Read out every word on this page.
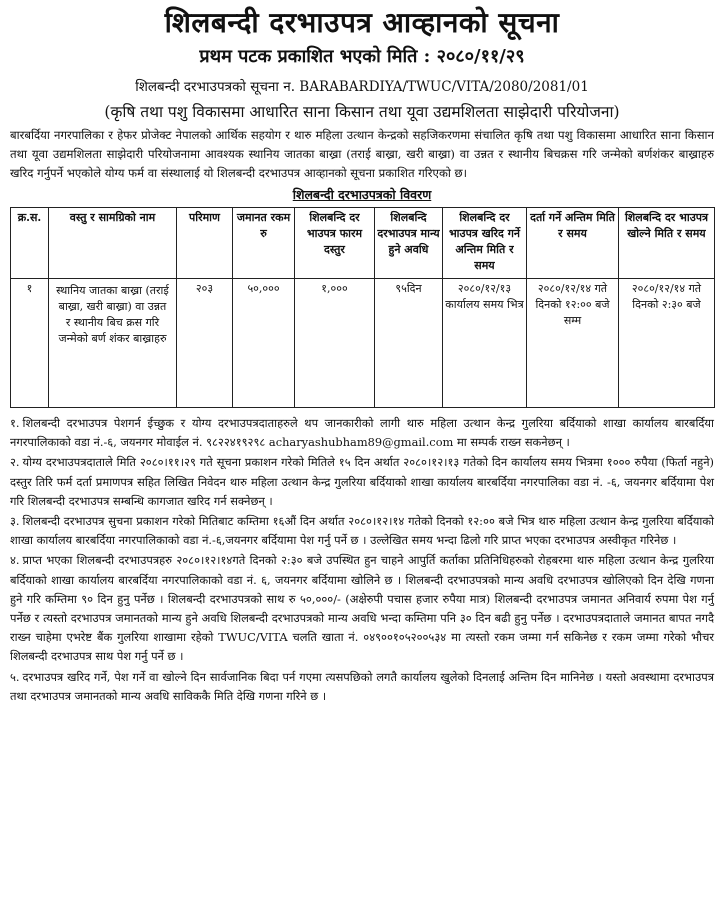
शिलबन्दी दरभाउपत्र आव्हानको सूचना

प्रथम पटक प्रकाशित भएको मिति : २०८०/११/२९

शिलबन्दी दरभाउपत्रको सूचना न. BARABARDIYA/TWUC/VITA/2080/2081/01

(कृषि तथा पशु विकासमा आधारित साना किसान तथा यूवा उद्यमशिलता साझेदारी परियोजना)

बारबर्दिया नगरपालिका र हेफर प्रोजेक्ट नेपालको आर्थिक सहयोग र थारु महिला उत्थान केन्द्रको सहजिकरणमा संचालित कृषि तथा पशु विकासमा आधारित साना किसान तथा यूवा उद्यमशिलता साझेदारी परियोजनामा आवश्यक स्थानिय जातका बाख्रा (तराई बाख्रा, खरी बाख्रा) वा उन्नत र स्थानीय बिचक्रस गरि जन्मेको बर्णशंकर बाख्राहरु खरिद गर्नुपर्ने भएकोले योग्य फर्म वा संस्थालाई यो शिलबन्दी दरभाउपत्र आव्हानको सूचना प्रकाशित गरिएको छ।

शिलबन्दी दरभाउपत्रको विवरण
क्र.स.	वस्तु र सामग्रिको नाम	परिमाण	जमानत रकम रु	शिलबन्दि दर भाउपत्र फारम दस्तुर	शिलबन्दि दरभाउपत्र मान्य हुने अवधि	शिलबन्दि दर भाउपत्र खरिद गर्ने अन्तिम मिति र समय	दर्ता गर्ने अन्तिम मिति र समय	शिलबन्दि दर भाउपत्र खोल्ने मिति र समय
१	स्थानिय जातका बाख्रा (तराई बाख्रा, खरी बाख्रा) वा उन्नत र स्थानीय बिच क्रस गरि जन्मेको बर्ण शंकर बाख्राहरु	२०३	५०,०००	१,०००	९५दिन	२०८०/१२/१३ कार्यालय समय भित्र	२०८०/१२/१४ गते दिनको १२:०० बजे सम्म	२०८०/१२/१४ गते दिनको २:३० बजे
१. शिलबन्दी दरभाउपत्र पेशगर्न ईच्छुक र योग्य दरभाउपत्रदाताहरुले थप जानकारीको लागी थारु महिला उत्थान केन्द्र गुलरिया बर्दियाको शाखा कार्यालय बारबर्दिया नगरपालिकाको वडा नं.-६, जयनगर मोवाईल नं. ९८२२४१९२९८ acharyashubham89@gmail.com मा सम्पर्क राख्न सकनेछन् ।
२. योग्य दरभाउपत्रदाताले मिति २०८०।११।२९ गते सूचना प्रकाशन गरेको मितिले १५ दिन अर्थात २०८०।१२।१३ गतेको दिन कार्यालय समय भित्रमा १००० रुपैया (फिर्ता नहुने) दस्तुर तिरि फर्म दर्ता प्रमाणपत्र सहित लिखित निवेदन थारु महिला उत्थान केन्द्र गुलरिया बर्दियाको शाखा कार्यालय बारबर्दिया नगरपालिका वडा नं. -६, जयनगर बर्दियामा पेश गरि शिलबन्दी दरभाउपत्र सम्बन्धि कागजात खरिद गर्न सक्नेछन् ।
३. शिलबन्दी दरभाउपत्र सुचना प्रकाशन गरेको मितिबाट कम्तिमा १६औं दिन अर्थात २०८०।१२।१४ गतेको दिनको १२:०० बजे भित्र थारु महिला उत्थान केन्द्र गुलरिया बर्दियाको शाखा कार्यालय बारबर्दिया नगरपालिकाको वडा नं.-६,जयनगर बर्दियामा पेश गर्नु पर्ने छ । उल्लेखित समय भन्दा ढिलो गरि प्राप्त भएका दरभाउपत्र अस्वीकृत गरिनेछ ।
४. प्राप्त भएका शिलबन्दी दरभाउपत्रहरु २०८०।१२।१४गते दिनको २:३० बजे उपस्थित हुन चाहने आपुर्ति कर्ताका प्रतिनिधिहरुको रोहबरमा थारु महिला उत्थान केन्द्र गुलरिया बर्दियाको शाखा कार्यालय बारबर्दिया नगरपालिकाको वडा नं. ६, जयनगर बर्दियामा खोलिने छ । शिलबन्दी दरभाउपत्रको मान्य अवधि दरभाउपत्र खोलिएको दिन देखि गणना हुने गरि कम्तिमा ९० दिन हुनु पर्नेछ । शिलबन्दी दरभाउपत्रको साथ रु ५०,०००/- (अक्षेरुपी पचास हजार रुपैया मात्र) शिलबन्दी दरभाउपत्र जमानत अनिवार्य रुपमा पेश गर्नु पर्नेछ र त्यस्तो दरभाउपत्र जमानतको मान्य हुने अवधि शिलबन्दी दरभाउपत्रको मान्य अवधि भन्दा कम्तिमा पनि ३० दिन बढी हुनु पर्नेछ । दरभाउपत्रदाताले जमानत बापत नगदै राख्न चाहेमा एभरेष्ट बैंक गुलरिया शाखामा रहेको TWUC/VITA चलति खाता नं. ०४९००१०५२००५३४ मा त्यस्तो रकम जम्मा गर्न सकिनेछ र रकम जम्मा गरेको भौचर शिलबन्दी दरभाउपत्र साथ पेश गर्नु पर्ने छ ।
५. दरभाउपत्र खरिद गर्ने, पेश गर्ने वा खोल्ने दिन सार्वजानिक बिदा पर्न गएमा त्यसपछिको लगतै कार्यालय खुलेको दिनलाई अन्तिम दिन मानिनेछ । यस्तो अवस्थामा दरभाउपत्र तथा दरभाउपत्र जमानतको मान्य अवधि साविककै मिति देखि गणना गरिने छ ।
